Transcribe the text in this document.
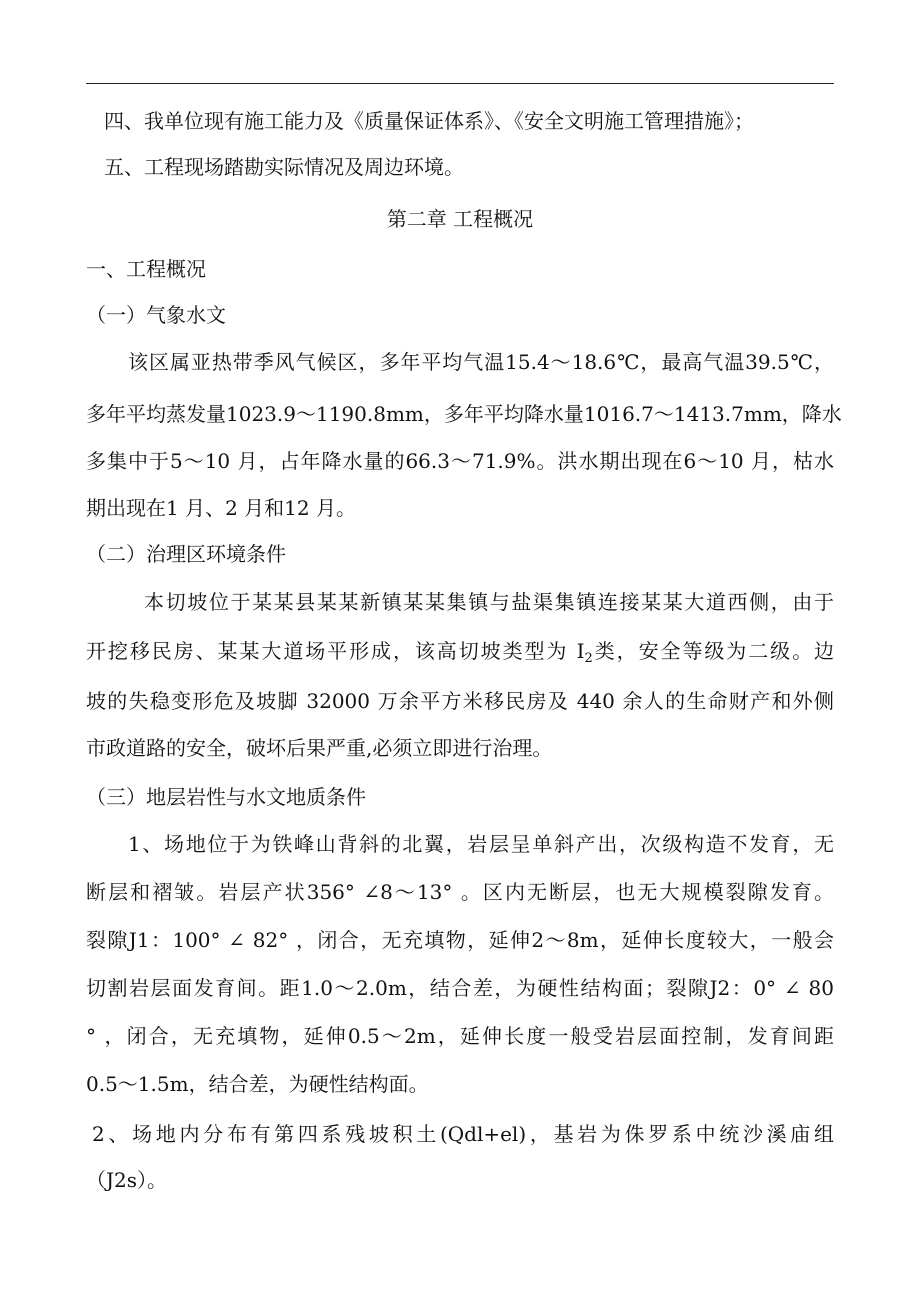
四、我单位现有施工能力及《质量保证体系》、《安全文明施工管理措施》；
五、工程现场踏勘实际情况及周边环境。
第二章 工程概况
一、工程概况
（一）气象水文
该区属亚热带季风气候区，多年平均气温15.4～18.6℃，最高气温39.5℃，
多年平均蒸发量1023.9～1190.8mm，多年平均降水量1016.7～1413.7mm，降水
多集中于5～10 月，占年降水量的66.3～71.9%。洪水期出现在6～10 月，枯水
期出现在1 月、2 月和12 月。
（二）治理区环境条件
本切坡位于某某县某某新镇某某集镇与盐渠集镇连接某某大道西侧，由于
开挖移民房、某某大道场平形成，该高切坡类型为 $I_2$类，安全等级为二级。边
坡的失稳变形危及坡脚 32000 万余平方米移民房及 440 余人的生命财产和外侧
市政道路的安全，破坏后果严重,必须立即进行治理。
（三）地层岩性与水文地质条件
1、场地位于为铁峰山背斜的北翼，岩层呈单斜产出，次级构造不发育，无
断层和褶皱。岩层产状356° ∠8～13° 。区内无断层，也无大规模裂隙发育。
裂隙J1：100° ∠ 82° ，闭合，无充填物，延伸2～8m，延伸长度较大，一般会
切割岩层面发育间。距1.0～2.0m，结合差，为硬性结构面；裂隙J2：0° ∠ 80
° ，闭合，无充填物，延伸0.5～2m，延伸长度一般受岩层面控制，发育间距
0.5～1.5m，结合差，为硬性结构面。
2、场地内分布有第四系残坡积土(Qdl+el)，基岩为侏罗系中统沙溪庙组
（J2s）。
